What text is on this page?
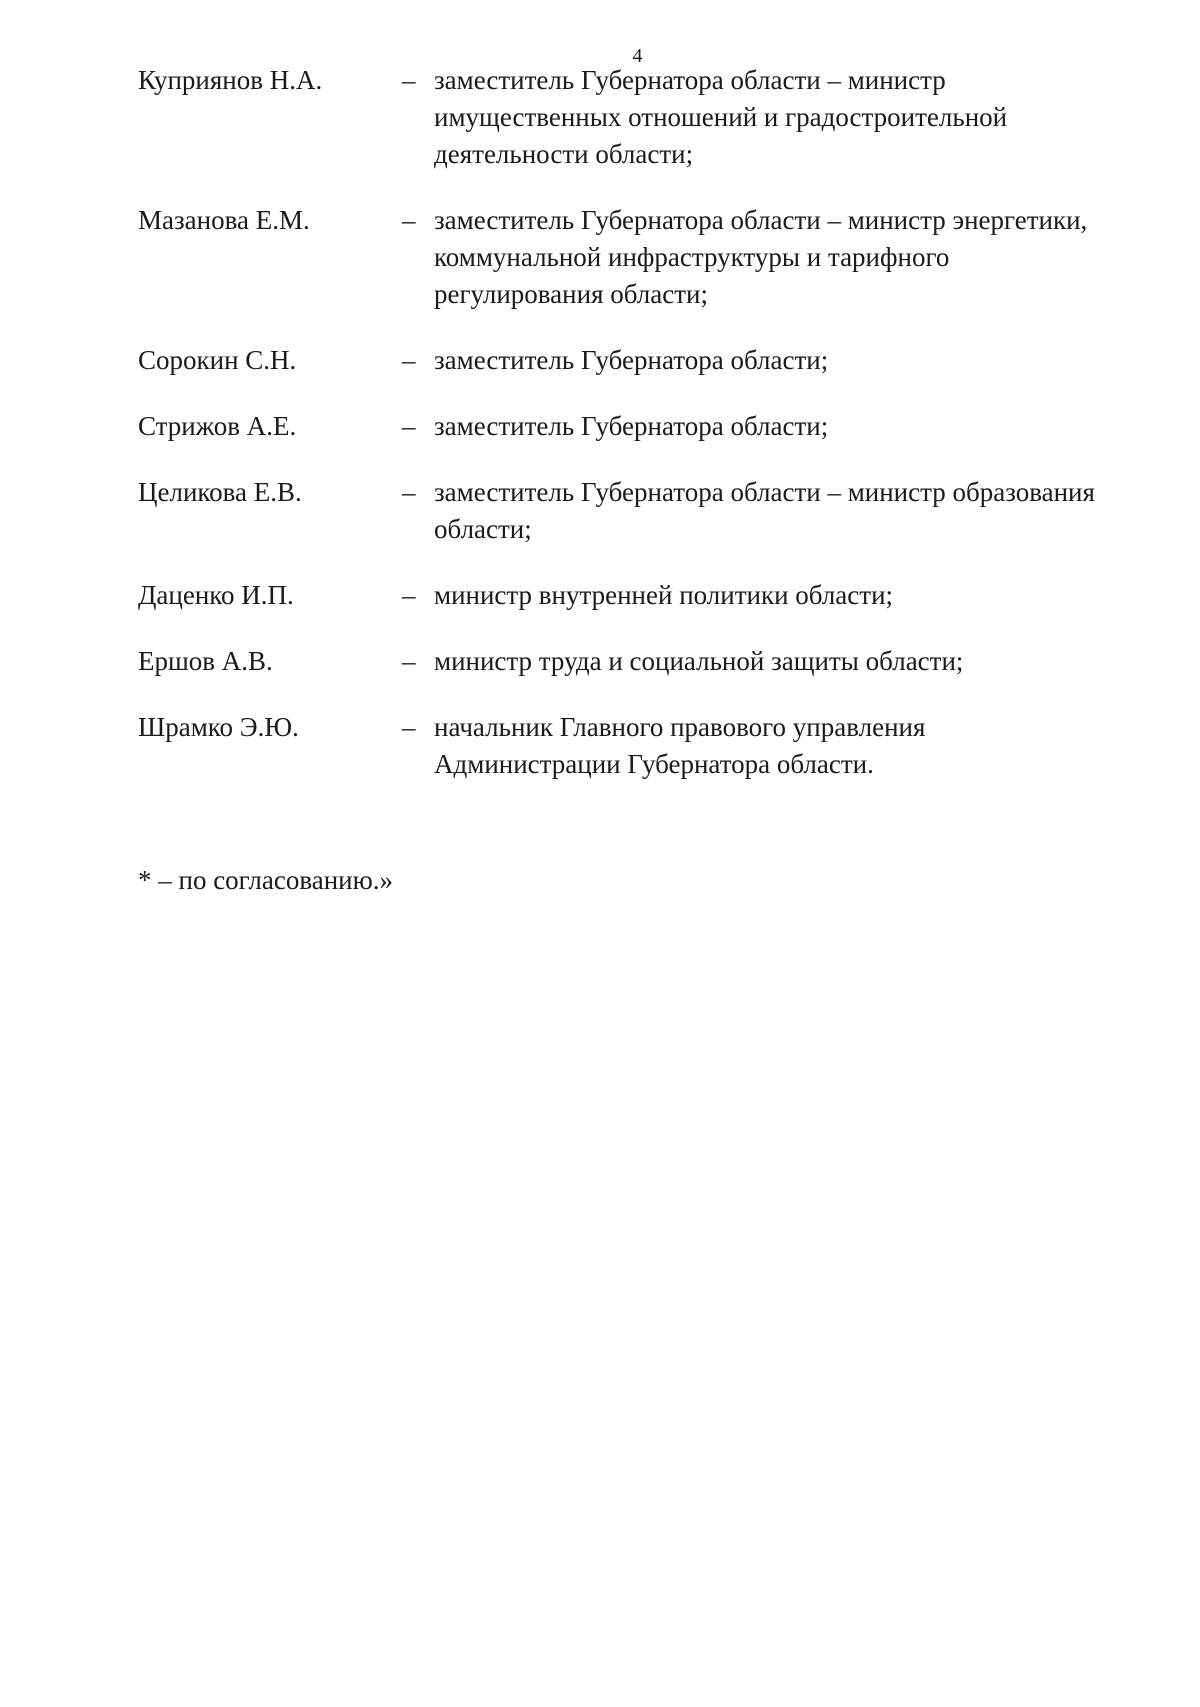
4
Куприянов Н.А.	– заместитель Губернатора области – министр
имущественных отношений и градостроительной
деятельности области;
Мазанова Е.М.	– заместитель Губернатора области – министр энергетики,
коммунальной инфраструктуры и тарифного
регулирования области;
Сорокин С.Н.	– заместитель Губернатора области;
Стрижов А.Е.	– заместитель Губернатора области;
Целикова Е.В.	– заместитель Губернатора области – министр образования
области;
Даценко И.П.	– министр внутренней политики области;
Ершов А.В.	– министр труда и социальной защиты области;
Шрамко Э.Ю.	– начальник Главного правового управления
Администрации Губернатора области.
* – по согласованию.»
